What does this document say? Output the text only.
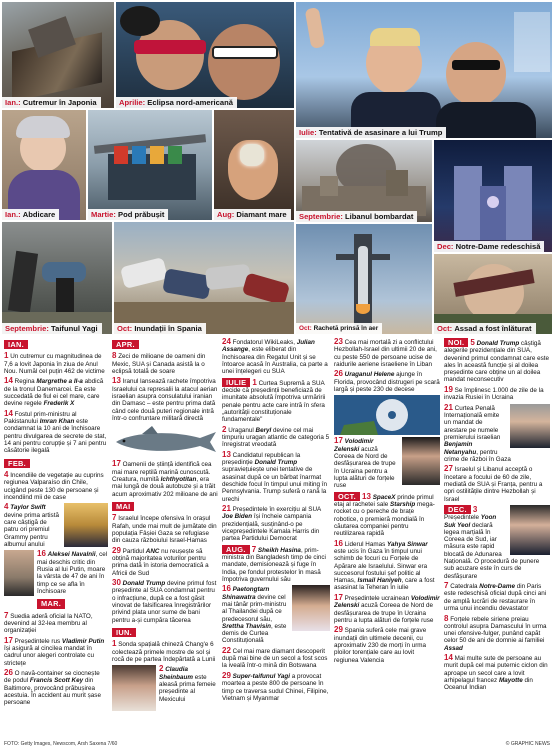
Ian.: Cutremur în Japonia	Aprilie: Eclipsa nord-americană
Iulie: Tentativă de asasinare a lui Trump
Ian.: Abdicare	Martie: Pod prăbușit	Aug: Diamant mare	Septembrie: Libanul bombardat
Dec: Notre-Dame redeschisă
Septembrie: Taifunul Yagi	Oct: Inundații în Spania	Oct: Rachetă prinsă în aer	Oct: Assad a fost înlăturat
IAN.
1 Un cutremur cu magnitudinea de 7,6 a lovit Japonia în ziua de Anul Nou. Număl cel puțin 462 de victime
14 Regina Margrethe a II-a abdică de la tronul Danemarcei. Ea este succedată de fiul ei cel mare, care devine regele Frederik X
14 Fostul prim-ministru al Pakistanului Imran Khan este condamnat la 10 ani de închisoare pentru divulgarea de secrete de stat, 14 ani pentru corupție și 7 ani pentru căsătorie ilegală
FEB.
4 Incendiile de vegetație au cuprins regiunea Valparaíso din Chile, ucigând peste 130 de persoane și incendiind mii de case
4 Taylor Swift devine prima artistă care câștigă de patru ori premiul Grammy pentru albumul anului
16 Aleksei Navalnîi, cel mai deschis critic din Rusia al lui Putin, moare la vârsta de 47 de ani în timp ce se afla în închisoare
MAR.
7 Suedia aderă oficial la NATO, devenind al 32-lea membru al organizației
17 Președintele rus Vladimir Putin își asigură al cincilea mandat în cadrul unor alegeri controlate cu strictețe
26 O navă-container se ciocnește de podul Francis Scott Key din Baltimore, provocând prăbușirea acestuia. În accident au murit șase persoane
APR.
8 Zeci de milioane de oameni din Mexic, SUA și Canada asistă la o eclipsă totală de soare
13 Iranul lansează rachete împotriva Israelului ca represalii la atacul aerian israelian asupra consulatului iranian din Damasc – este pentru prima dată când cele două puteri regionale intră într-o confruntare militară directă
17 Oamenii de știință identifică cea mai mare reptilă marină cunoscută. Creatura, numită Ichthyotitan, era mai lungă de două autobuze și a trăit acum aproximativ 202 milioane de ani
MAI
7 Israelul începe ofensiva în orașul Rafah, unde mai mult de jumătate din populația Fâșiei Gaza se refugiase din cauza războiului Israel-Hamas
29 Partidul ANC nu reușește să obțină majoritatea voturilor pentru prima dată în istoria democratică a Africii de Sud
30 Donald Trump devine primul fost președinte al SUA condamnat pentru o infracțiune, după ce a fost găsit vinovat de falsificarea înregistrărilor privind plata unor sume de bani pentru a-și cumpăra tăcerea
IUN.
1 Sonda spațială chineză Chang'e 6 colectează primele mostre de sol și rocă de pe partea îndepărtată a Lunii
2 Claudia Sheinbaum este aleasă prima femeie președinte al Mexicului
24 Fondatorul WikiLeaks, Julian Assange, este eliberat din închisoarea din Regatul Unit și se întoarce acasă în Australia, ca parte a unei înțelegeri cu SUA
IULIE 1 Curtea Supremă a SUA decide că președinții beneficiază de imunitate absolută împotriva urmăririi penale pentru acte care intră în sfera „autorității constituționale fundamentale"
2 Uraganul Beryl devine cel mai timpuriu uragan atlantic de categoria 5 înregistrat vreodată
13 Candidatul republican la președinție Donald Trump supraviețuiește unei tentative de asasinat după ce un bărbat înarmat deschide focul în timpul unui miting în Pennsylvania. Trump suferă o rană la urechi
21 Președintele în exercițiu al SUA Joe Biden își încheie campania prezidențială, susținând-o pe vicepreședintele Kamala Harris din partea Partidului Democrat
AUG. 7 Sheikh Hasina, prim-ministra din Bangladesh timp de cinci mandate, demisionează și fuge în India, pe fondul protestelor în masă împotriva guvernului său
16 Paetongtarn Shinawatra devine cel mai tânăr prim-ministru al Thailandei după ce predecesorul său, Srettha Thavisin, este demis de Curtea Constituțională
22 Cel mai mare diamant descoperit după mai bine de un secol a fost scos la iveală într-o mină din Botswana
29 Super-taifunul Yagi a provocat moartea a peste 800 de persoane în timp ce traversa sudul Chinei, Filipine, Vietnam și Myanmar
23 Cea mai mortală zi a conflictului Hezbollah-Israel din ultimii 20 de ani, cu peste 550 de persoane ucise de raidurile aeriene israeliene în Liban
26 Uraganul Helene ajunge în Florida, provocând distrugeri pe scară largă și peste 230 de decese
17 Volodimir Zelenski acuză Coreea de Nord de desfășurarea de trupe în Ucraina pentru a lupta alături de forțele ruse
OCT. 13 SpaceX prinde primul etaj al rachetei sale Starship mega-rocket cu o pereche de brațe robotice, o premieră mondială în căutarea companiei pentru reutilizarea rapidă
16 Liderul Hamas Yahya Sinwar este ucis în Gaza în timpul unui schimb de focuri cu Forțele de Apărare ale Israelului. Sinwar era succesorul fostului șef politic al Hamas, Ismail Haniyeh, care a fost asasinat la Teheran în iulie
17 Președintele ucrainean Volodimir Zelenski acuză Coreea de Nord de desfășurarea de trupe în Ucraina pentru a lupta alături de forțele ruse
29 Spania suferă cele mai grave inundații din ultimele decenii, cu aproximativ 230 de morți în urma ploilor torențiale care au lovit regiunea Valencia
NOI. 5 Donald Trump câștigă alegerile prezidențiale din SUA, devenind primul condamnat care este ales în această funcție și al doilea președinte care obține un al doilea mandat neconsecutiv
19 Se împlinesc 1.000 de zile de la invazia Rusiei în Ucraina
21 Curtea Penală Internațională emite un mandat de arestare pe numele premierului israelian Benjamin Netanyahu, pentru crime de război în Gaza
27 Israelul și Libanul acceptă o încetare a focului de 60 de zile, mediată de SUA și Franța, pentru a opri ostilitățile dintre Hezbollah și Israel
DEC. 3 Președintele Yoon Suk Yeol declară legea marțială în Coreea de Sud, iar măsura este rapid blocată de Adunarea Națională. O procedură de punere sub acuzare este în curs de desfășurare
7 Catedrala Notre-Dame din Paris este redeschisă oficial după cinci ani de amplă lucrări de restaurare în urma unui incendiu devastator
8 Forțele rebele siriene preiau controlul asupra Damascului în urma unei ofensive-fulger, punând capăt celor 50 de ani de domnie ai familiei Assad
14 Mai multe sute de persoane au murit după cel mai puternic ciclon din aproape un secol care a lovit arhipelagul francez Mayotte din Oceanul Indian
FOTO: Getty Images, Newscom, Arsh Saxena 7/60	© GRAPHIC NEWS
